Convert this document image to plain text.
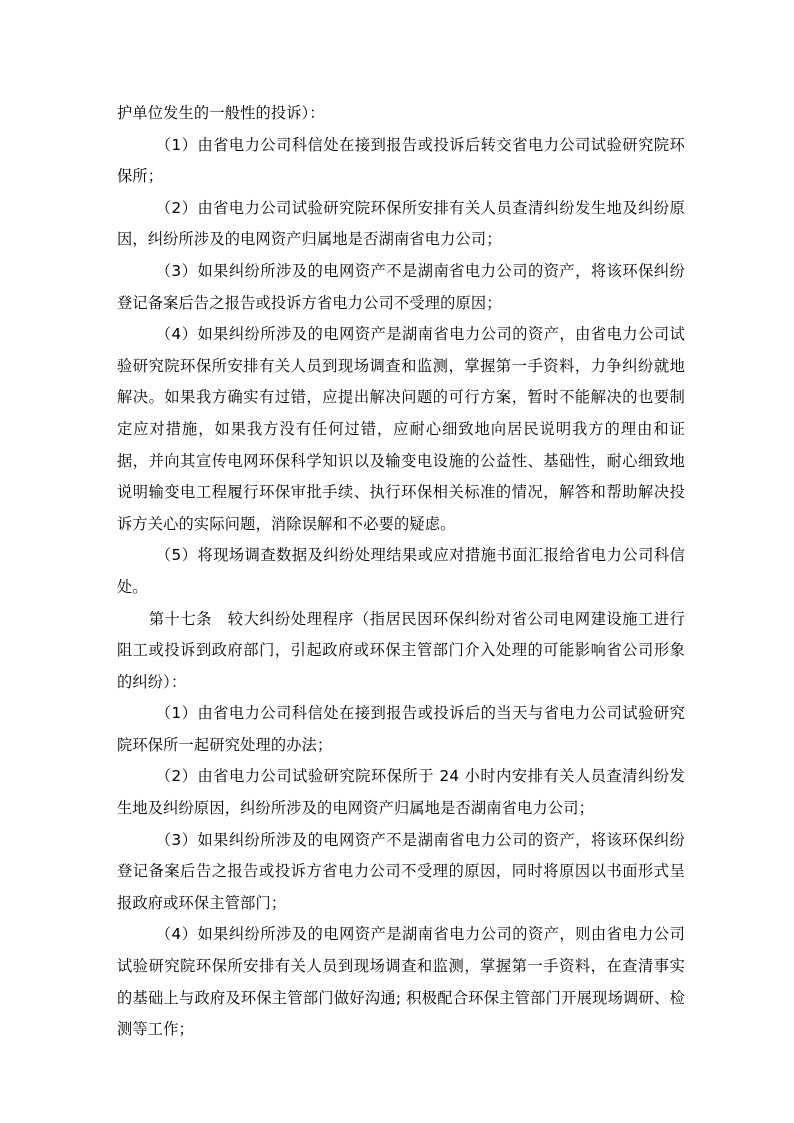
护单位发生的一般性的投诉）：

（1）由省电力公司科信处在接到报告或投诉后转交省电力公司试验研究院环保所；

（2）由省电力公司试验研究院环保所安排有关人员查清纠纷发生地及纠纷原因，纠纷所涉及的电网资产归属地是否湖南省电力公司；

（3）如果纠纷所涉及的电网资产不是湖南省电力公司的资产，将该环保纠纷登记备案后告之报告或投诉方省电力公司不受理的原因；

（4）如果纠纷所涉及的电网资产是湖南省电力公司的资产，由省电力公司试验研究院环保所安排有关人员到现场调查和监测，掌握第一手资料，力争纠纷就地解决。如果我方确实有过错，应提出解决问题的可行方案，暂时不能解决的也要制定应对措施，如果我方没有任何过错，应耐心细致地向居民说明我方的理由和证据，并向其宣传电网环保科学知识以及输变电设施的公益性、基础性，耐心细致地说明输变电工程履行环保审批手续、执行环保相关标准的情况，解答和帮助解决投诉方关心的实际问题，消除误解和不必要的疑虑。

（5）将现场调查数据及纠纷处理结果或应对措施书面汇报给省电力公司科信处。

第十七条　较大纠纷处理程序（指居民因环保纠纷对省公司电网建设施工进行阻工或投诉到政府部门，引起政府或环保主管部门介入处理的可能影响省公司形象的纠纷）：

（1）由省电力公司科信处在接到报告或投诉后的当天与省电力公司试验研究院环保所一起研究处理的办法；

（2）由省电力公司试验研究院环保所于 24 小时内安排有关人员查清纠纷发生地及纠纷原因，纠纷所涉及的电网资产归属地是否湖南省电力公司；

（3）如果纠纷所涉及的电网资产不是湖南省电力公司的资产，将该环保纠纷登记备案后告之报告或投诉方省电力公司不受理的原因，同时将原因以书面形式呈报政府或环保主管部门；

（4）如果纠纷所涉及的电网资产是湖南省电力公司的资产，则由省电力公司试验研究院环保所安排有关人员到现场调查和监测，掌握第一手资料，在查清事实的基础上与政府及环保主管部门做好沟通; 积极配合环保主管部门开展现场调研、检测等工作；
